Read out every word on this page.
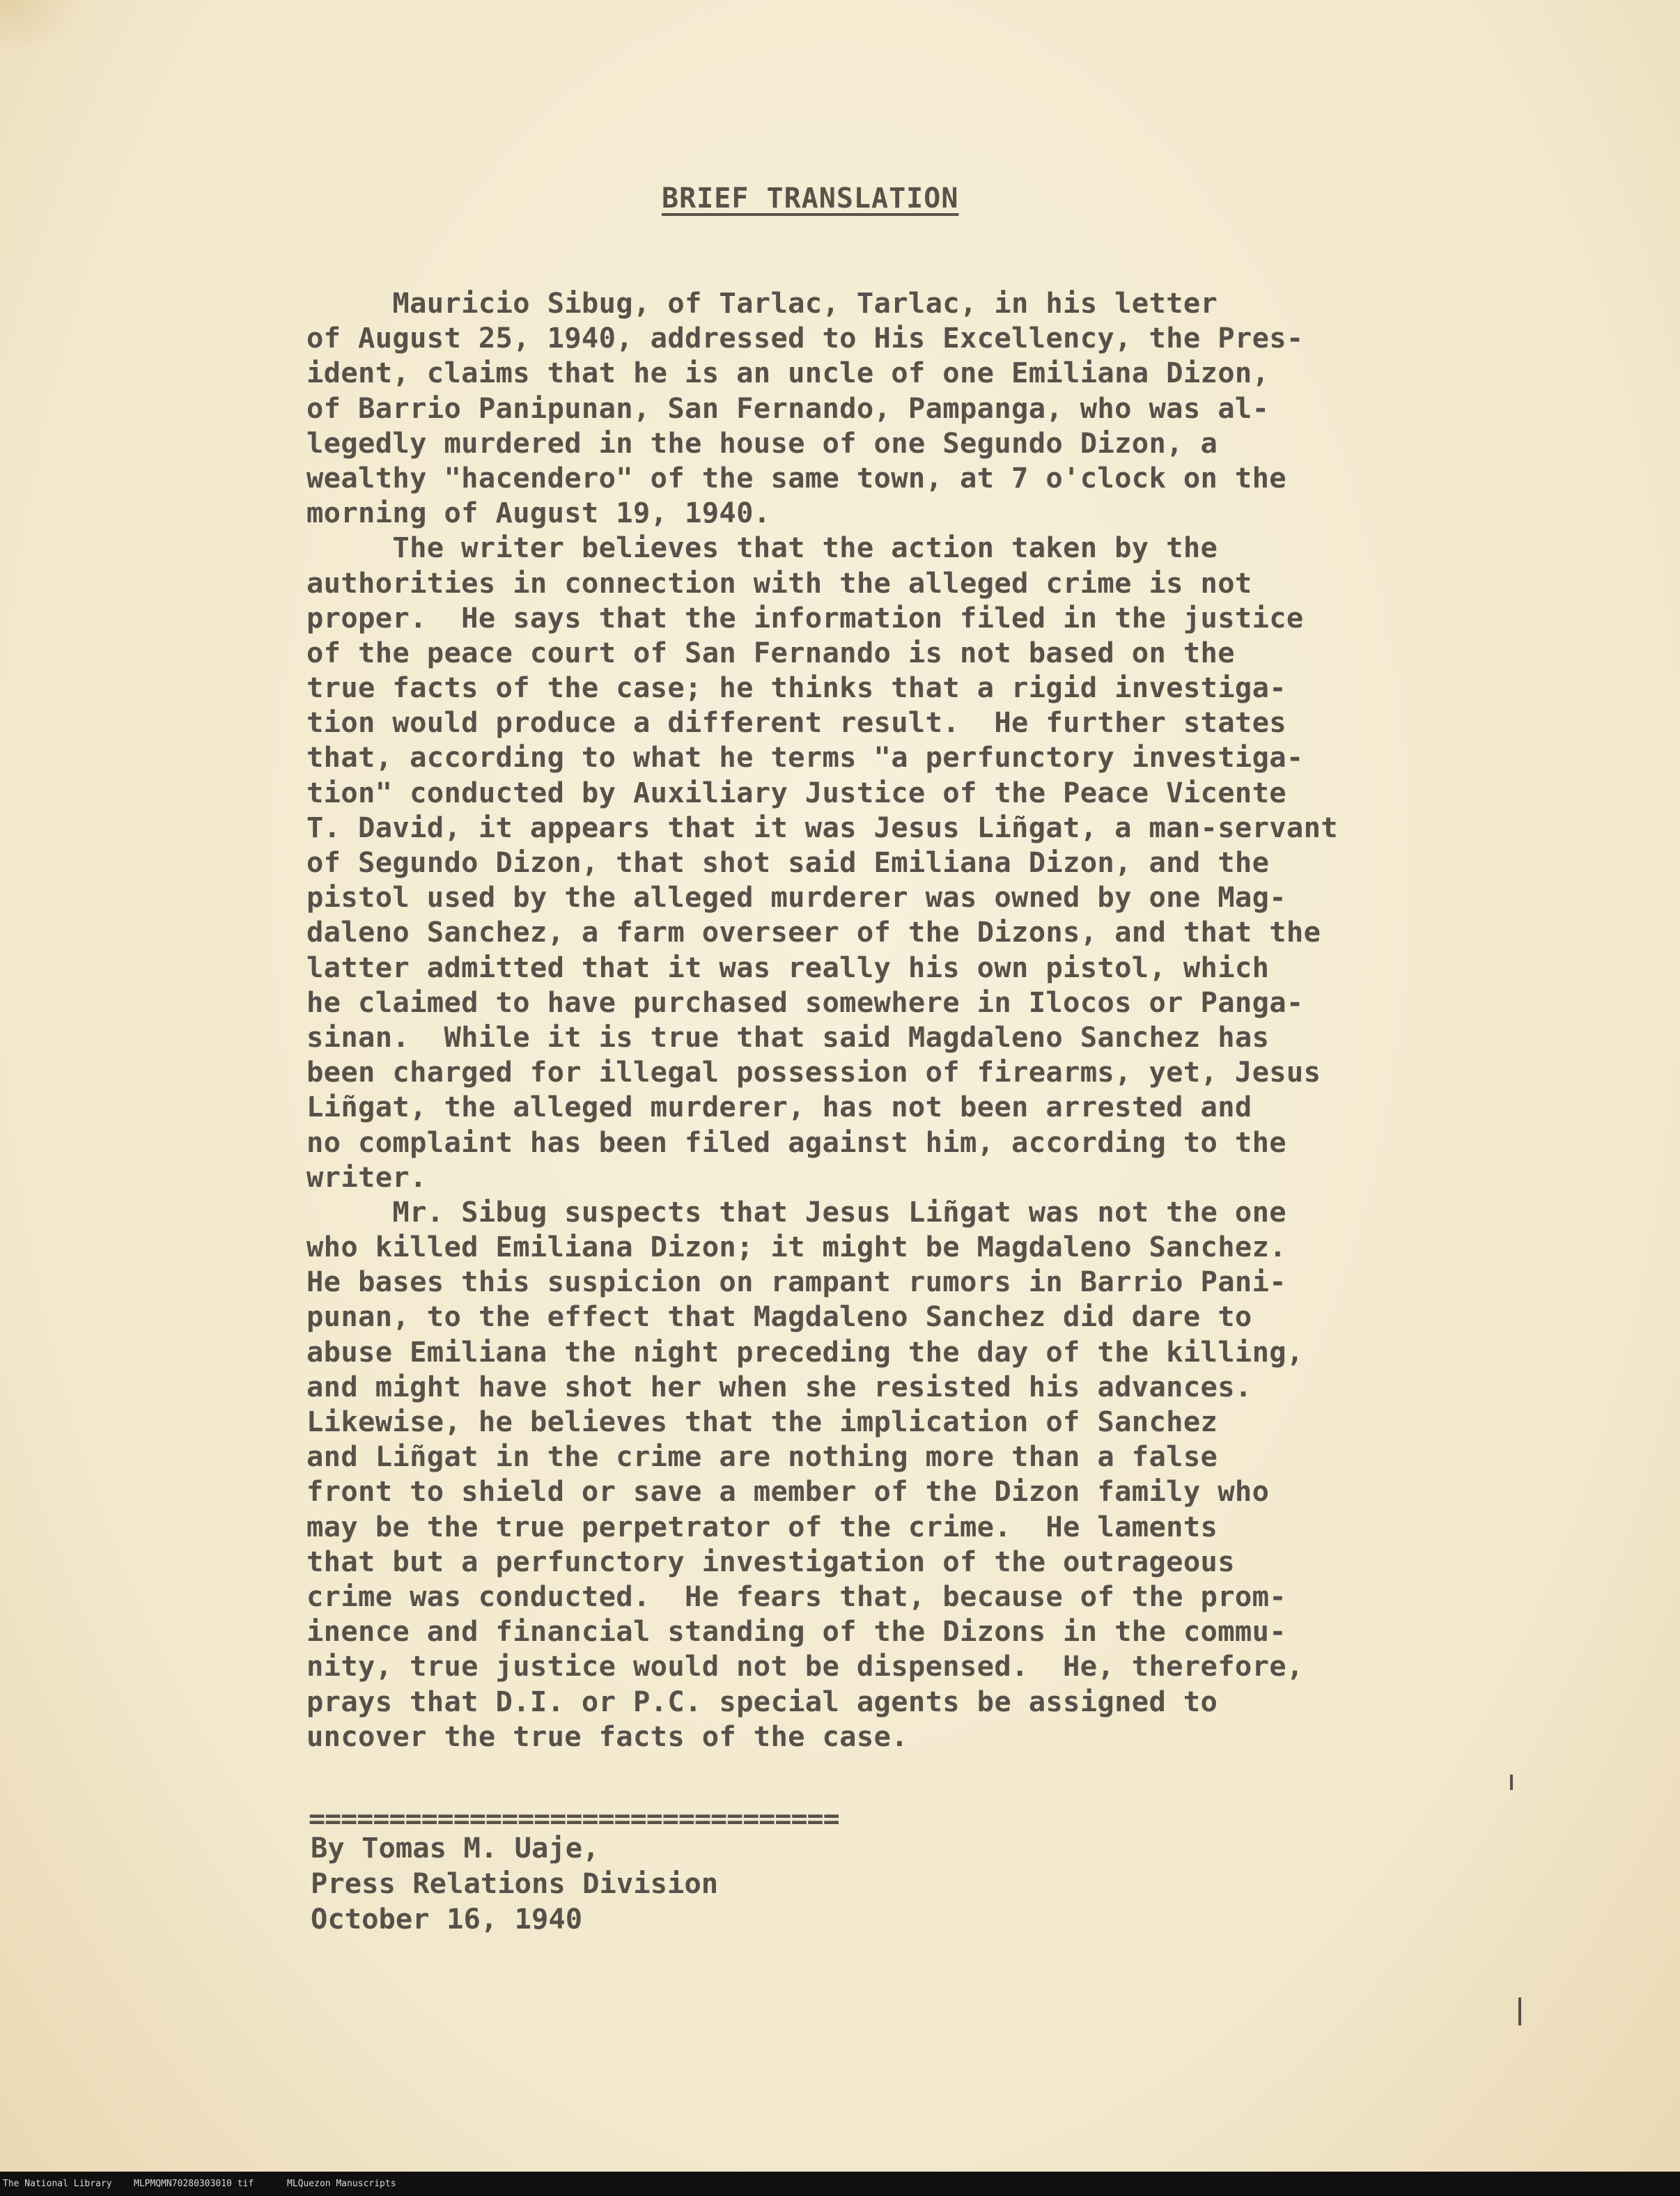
BRIEF TRANSLATION
Mauricio Sibug, of Tarlac, Tarlac, in his letter
of August 25, 1940, addressed to His Excellency, the Pres-
ident, claims that he is an uncle of one Emiliana Dizon,
of Barrio Panipunan, San Fernando, Pampanga, who was al-
legedly murdered in the house of one Segundo Dizon, a
wealthy "hacendero" of the same town, at 7 o'clock on the
morning of August 19, 1940.
The writer believes that the action taken by the
authorities in connection with the alleged crime is not
proper.  He says that the information filed in the justice
of the peace court of San Fernando is not based on the
true facts of the case; he thinks that a rigid investiga-
tion would produce a different result.  He further states
that, according to what he terms "a perfunctory investiga-
tion" conducted by Auxiliary Justice of the Peace Vicente
T. David, it appears that it was Jesus Liñgat, a man-servant
of Segundo Dizon, that shot said Emiliana Dizon, and the
pistol used by the alleged murderer was owned by one Mag-
daleno Sanchez, a farm overseer of the Dizons, and that the
latter admitted that it was really his own pistol, which
he claimed to have purchased somewhere in Ilocos or Panga-
sinan.  While it is true that said Magdaleno Sanchez has
been charged for illegal possession of firearms, yet, Jesus
Liñgat, the alleged murderer, has not been arrested and
no complaint has been filed against him, according to the
writer.
Mr. Sibug suspects that Jesus Liñgat was not the one
who killed Emiliana Dizon; it might be Magdaleno Sanchez.
He bases this suspicion on rampant rumors in Barrio Pani-
punan, to the effect that Magdaleno Sanchez did dare to
abuse Emiliana the night preceding the day of the killing,
and might have shot her when she resisted his advances.
Likewise, he believes that the implication of Sanchez
and Liñgat in the crime are nothing more than a false
front to shield or save a member of the Dizon family who
may be the true perpetrator of the crime.  He laments
that but a perfunctory investigation of the outrageous
crime was conducted.  He fears that, because of the prom-
inence and financial standing of the Dizons in the commu-
nity, true justice would not be dispensed.  He, therefore,
prays that D.I. or P.C. special agents be assigned to
uncover the true facts of the case.
=================================
By Tomas M. Uaje,
Press Relations Division
October 16, 1940
The National Library MLPMQMN70280303010 tif	MLQuezon Manuscripts
